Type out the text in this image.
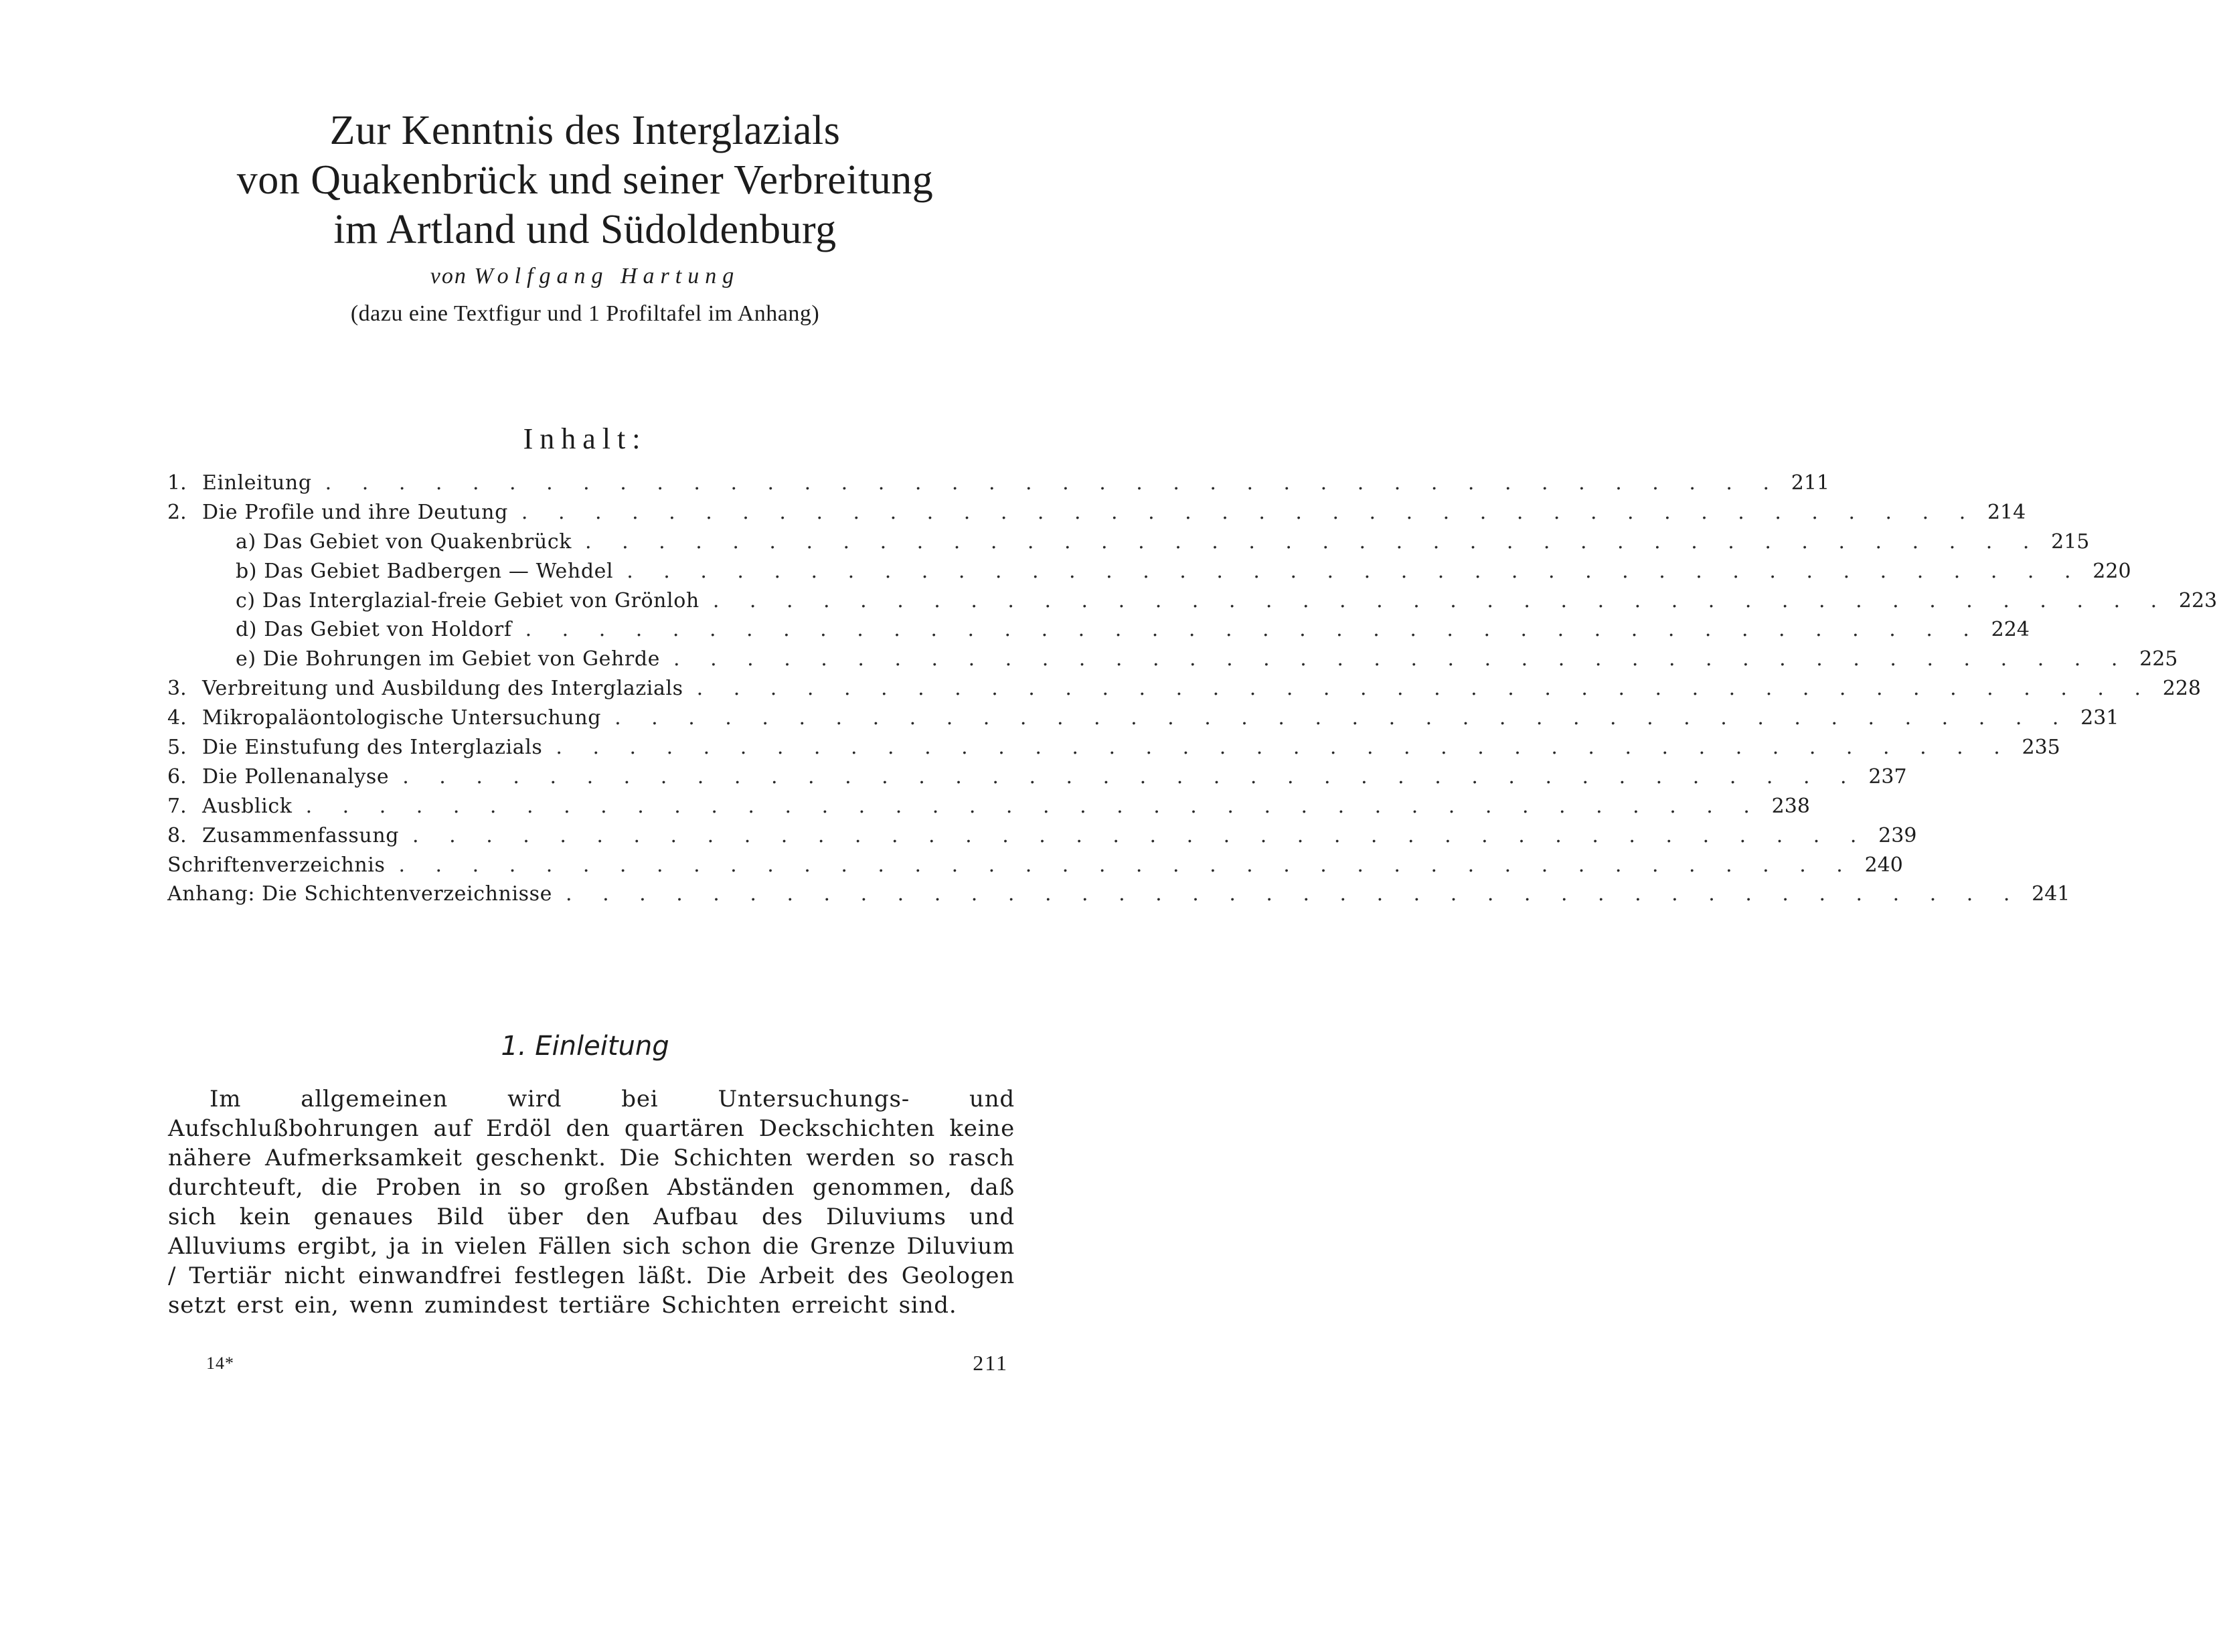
Zur Kenntnis des Interglazials
von Quakenbrück und seiner Verbreitung
im Artland und Südoldenburg
von Wolfgang Hartung
(dazu eine Textfigur und 1 Profiltafel im Anhang)
Inhalt:
1. Einleitung . . . . . . . . . . . . . . . . . . . . . . . . . . . . . . . . . . . . . . . . 211
2. Die Profile und ihre Deutung . . . . . . . . . . . . . . . . . . . . . . . . . . . . . . . . . . . . . . . . 214
a) Das Gebiet von Quakenbrück . . . . . . . . . . . . . . . . . . . . . . . . . . . . . . . . . . . . . . . . 215
b) Das Gebiet Badbergen — Wehdel . . . . . . . . . . . . . . . . . . . . . . . . . . . . . . . . . . . . . . . . 220
c) Das Interglazial-freie Gebiet von Grönloh . . . . . . . . . . . . . . . . . . . . . . . . . . . . . . . . . . . . . . . . 223
d) Das Gebiet von Holdorf . . . . . . . . . . . . . . . . . . . . . . . . . . . . . . . . . . . . . . . . 224
e) Die Bohrungen im Gebiet von Gehrde . . . . . . . . . . . . . . . . . . . . . . . . . . . . . . . . . . . . . . . . 225
3. Verbreitung und Ausbildung des Interglazials . . . . . . . . . . . . . . . . . . . . . . . . . . . . . . . . . . . . . . . . 228
4. Mikropaläontologische Untersuchung . . . . . . . . . . . . . . . . . . . . . . . . . . . . . . . . . . . . . . . . 231
5. Die Einstufung des Interglazials . . . . . . . . . . . . . . . . . . . . . . . . . . . . . . . . . . . . . . . . 235
6. Die Pollenanalyse . . . . . . . . . . . . . . . . . . . . . . . . . . . . . . . . . . . . . . . . 237
7. Ausblick . . . . . . . . . . . . . . . . . . . . . . . . . . . . . . . . . . . . . . . . 238
8. Zusammenfassung . . . . . . . . . . . . . . . . . . . . . . . . . . . . . . . . . . . . . . . . 239
Schriftenverzeichnis . . . . . . . . . . . . . . . . . . . . . . . . . . . . . . . . . . . . . . . . 240
Anhang: Die Schichtenverzeichnisse . . . . . . . . . . . . . . . . . . . . . . . . . . . . . . . . . . . . . . . . 241
1. Einleitung
Im allgemeinen wird bei Untersuchungs- und Aufschlußbohrungen auf Erdöl den quartären Deckschichten keine nähere Aufmerksamkeit geschenkt. Die Schichten werden so rasch durchteuft, die Proben in so großen Abständen genommen, daß sich kein genaues Bild über den Aufbau des Diluviums und Alluviums ergibt, ja in vielen Fällen sich schon die Grenze Diluvium / Tertiär nicht einwandfrei festlegen läßt. Die Arbeit des Geologen setzt erst ein, wenn zumindest tertiäre Schichten erreicht sind.
14*	211
